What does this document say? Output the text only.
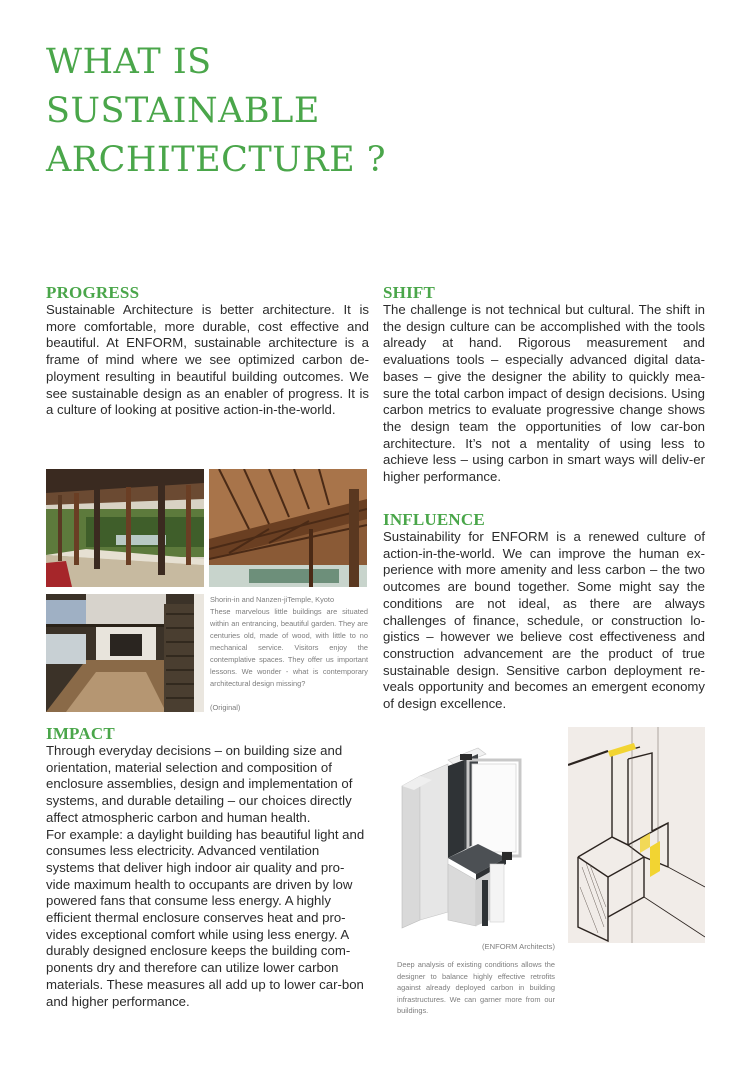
WHAT IS
SUSTAINABLE
ARCHITECTURE ?
PROGRESS

Sustainable Architecture is better architecture. It is more comfortable, more durable, cost effective and beautiful. At ENFORM, sustainable architecture is a frame of mind where we see optimized carbon de-ployment resulting in beautiful building outcomes. We see sustainable design as an enabler of progress. It is a culture of looking at positive action-in-the-world.

SHIFT

The challenge is not technical but cultural. The shift in the design culture can be accomplished with the tools already at hand. Rigorous measurement and evaluations tools – especially advanced digital data-bases – give the designer the ability to quickly mea-sure the total carbon impact of design decisions. Using carbon metrics to evaluate progressive change shows the design team the opportunities of low car-bon architecture. It’s not a mentality of using less to achieve less – using carbon in smart ways will deliv-er higher performance.

INFLUENCE

Sustainability for ENFORM is a renewed culture of action-in-the-world. We can improve the human ex-perience with more amenity and less carbon – the two outcomes are bound together. Some might say the conditions are not ideal, as there are always challenges of finance, schedule, or construction lo-gistics – however we believe cost effectiveness and construction advancement are the product of true sustainable design. Sensitive carbon deployment re-veals opportunity and becomes an emergent economy of design excellence.

Shorin-in and Nanzen-jiTemple, Kyoto

These marvelous little buildings are situated within an entrancing, beautiful garden. They are centuries old, made of wood, with little to no mechanical service. Visitors enjoy the contemplative spaces. They offer us important lessons. We wonder - what is contemporary architectural design missing?

(Original)

IMPACT

Through everyday decisions – on building size and orientation, material selection and composition of enclosure assemblies, design and implementation of systems, and durable detailing – our choices directly affect atmospheric carbon and human health.

For example: a daylight building has beautiful light and consumes less electricity. Advanced ventilation systems that deliver high indoor air quality and pro-vide maximum health to occupants are driven by low powered fans that consume less energy. A highly efficient thermal enclosure conserves heat and pro-vides exceptional comfort while using less energy. A durably designed enclosure keeps the building com-ponents dry and therefore can utilize lower carbon materials. These measures all add up to lower car-bon and higher performance.

(ENFORM Architects)
Deep analysis of existing conditions allows the designer to balance highly effective retrofits against already deployed carbon in building infrastructures. We can garner more from our buildings.
